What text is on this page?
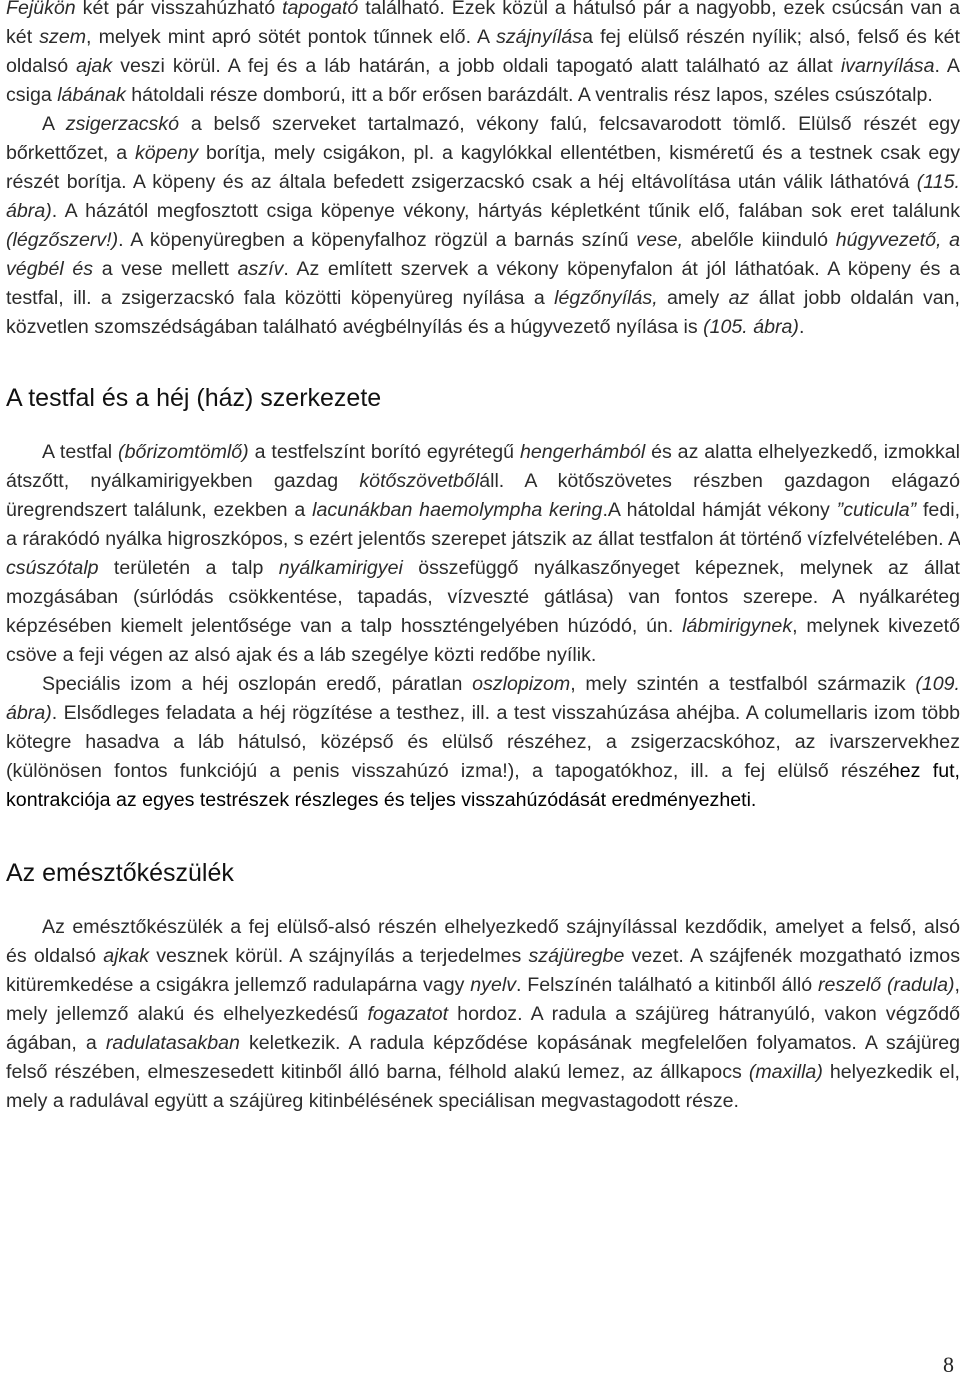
Fejükön két pár visszahúzható tapogató található. Ezek közül a hátulsó pár a nagyobb, ezek csúcsán van a két szem, melyek mint apró sötét pontok tűnnek elő. A szájnyílása fej elülső részén nyílik; alsó, felső és két oldalsó ajak veszi körül. A fej és a láb határán, a jobb oldali tapogató alatt található az állat ivarnyílása. A csiga lábának hátoldali része domború, itt a bőr erősen barázdált. A ventralis rész lapos, széles csúszótalp.

A zsigerzacskó a belső szerveket tartalmazó, vékony falú, felcsavarodott tömlő. Elülső részét egy bőrkettőzet, a köpeny borítja, mely csigákon, pl. a kagylókkal ellentétben, kisméretű és a testnek csak egy részét borítja. A köpeny és az általa befedett zsigerzacskó csak a héj eltávolítása után válik láthatóvá (115. ábra). A házától megfosztott csiga köpenye vékony, hártyás képletként tűnik elő, falában sok eret találunk (légzőszerv!). A köpenyüregben a köpenyfalhoz rögzül a barnás színű vese, abelőle kiinduló húgyvezető, a végbél és a vese mellett aszív. Az említett szervek a vékony köpenyfalon át jól láthatóak. A köpeny és a testfal, ill. a zsigerzacskó fala közötti köpenyüreg nyílása a légzőnyílás, amely az állat jobb oldalán van, közvetlen szomszédságában található avégbélnyílás és a húgyvezető nyílása is (105. ábra).

A testfal és a héj (ház) szerkezete

A testfal (bőrizomtömlő) a testfelszínt borító egyrétegű hengerhámból és az alatta elhelyezkedő, izmokkal átszőtt, nyálkamirigyekben gazdag kötőszövetbőláll. A kötőszövetes részben gazdagon elágazó üregrendszert találunk, ezekben a lacunákban haemolympha kering.A hátoldal hámját vékony ”cuticula” fedi, a rárakódó nyálka higroszkópos, s ezért jelentős szerepet játszik az állat testfalon át történő vízfelvételében. A csúszótalp területén a talp nyálkamirigyei összefüggő nyálkaszőnyeget képeznek, melynek az állat mozgásában (súrlódás csökkentése, tapadás, vízveszté gátlása) van fontos szerepe. A nyálkaréteg képzésében kiemelt jelentősége van a talp hosszténgelyében húzódó, ún. lábmirigynek, melynek kivezető csöve a feji végen az alsó ajak és a láb szegélye közti redőbe nyílik.

Speciális izom a héj oszlopán eredő, páratlan oszlopizom, mely szintén a testfalból származik (109. ábra). Elsődleges feladata a héj rögzítése a testhez, ill. a test visszahúzása ahéjba. A columellaris izom több kötegre hasadva a láb hátulsó, középső és elülső részéhez, a zsigerzacskóhoz, az ivarszervekhez (különösen fontos funkciójú a penis visszahúzó izma!), a tapogatókhoz, ill. a fej elülső részéhez fut, kontrakciója az egyes testrészek részleges és teljes visszahúzódását eredményezheti.

Az emésztőkészülék

Az emésztőkészülék a fej elülső-alsó részén elhelyezkedő szájnyílással kezdődik, amelyet a felső, alsó és oldalsó ajkak vesznek körül. A szájnyílás a terjedelmes szájüregbe vezet. A szájfenék mozgatható izmos kitüremkedése a csigákra jellemző radulapárna vagy nyelv. Felszínén található a kitinből álló reszelő (radula), mely jellemző alakú és elhelyezkedésű fogazatot hordoz. A radula a szájüreg hátranyúló, vakon végződő ágában, a radulatasakban keletkezik. A radula képződése kopásának megfelelően folyamatos. A szájüreg felső részében, elmeszesedett kitinből álló barna, félhold alakú lemez, az állkapocs (maxilla) helyezkedik el, mely a radulával együtt a szájüreg kitinbélésének speciálisan megvastagodott része.

8
